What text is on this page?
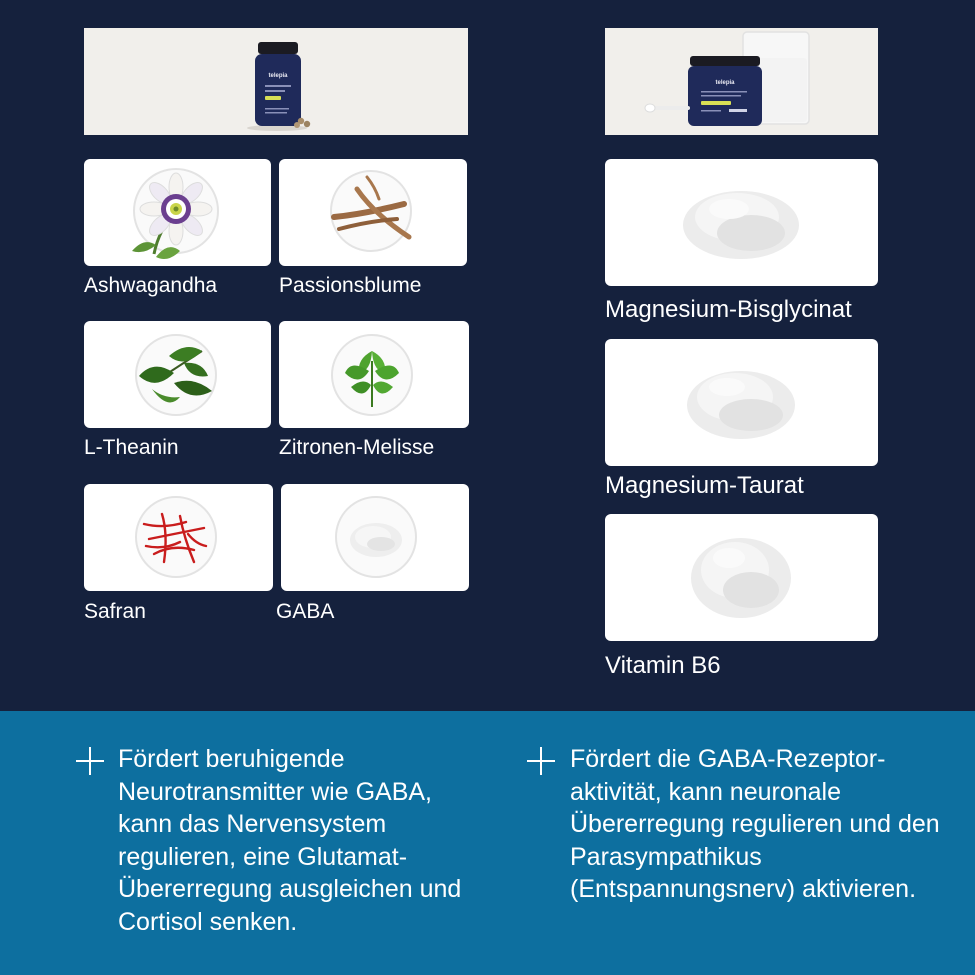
telepia
telepia
Ashwagandha	Passionsblume
L-Theanin	Zitronen-Melisse
Safran	GABA
Magnesium-Bisglycinat
Magnesium-Taurat
Vitamin B6
Fördert beruhigende Neurotransmitter wie GABA, kann das Nervensystem regulieren, eine Glutamat-Übererregung ausgleichen und Cortisol senken.
Fördert die GABA-Rezeptor-aktivität, kann neuronale Übererregung regulieren und den Parasympathikus (Entspannungsnerv) aktivieren.
